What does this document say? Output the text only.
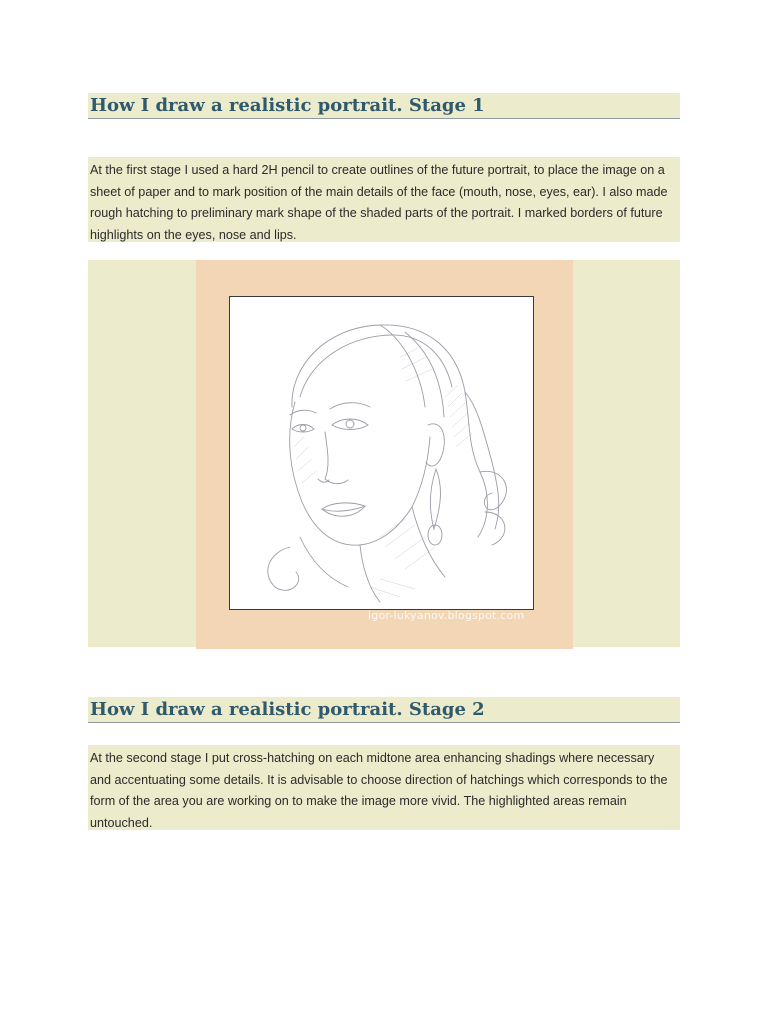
How I draw a realistic portrait. Stage 1
At the first stage I used a hard 2H pencil to create outlines of the future portrait, to place the image on a sheet of paper and to mark position of the main details of the face (mouth, nose, eyes, ear). I also made rough hatching to preliminary mark shape of the shaded parts of the portrait. I marked borders of future highlights on the eyes, nose and lips.
igor-lukyanov.blogspot.com
How I draw a realistic portrait. Stage 2
At the second stage I put cross-hatching on each midtone area enhancing shadings where necessary and accentuating some details. It is advisable to choose direction of hatchings which corresponds to the form of the area you are working on to make the image more vivid. The highlighted areas remain untouched.
